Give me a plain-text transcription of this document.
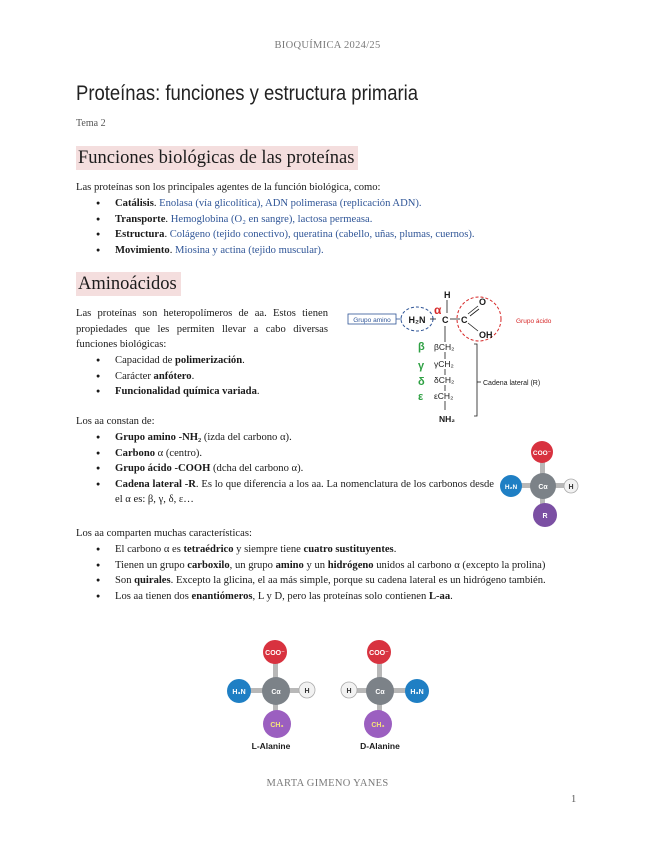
BIOQUÍMICA 2024/25
Proteínas: funciones y estructura primaria
Tema 2
Funciones biológicas de las proteínas
Las proteínas son los principales agentes de la función biológica, como:
● Catálisis. Enolasa (vía glicolítica), ADN polimerasa (replicación ADN).
● Transporte. Hemoglobina (O₂ en sangre), lactosa permeasa.
● Estructura. Colágeno (tejido conectivo), queratina (cabello, uñas, plumas, cuernos).
● Movimiento. Miosina y actina (tejido muscular).
Aminoácidos
Las proteínas son heteropolímeros de aa. Estos tienen propiedades que les permiten llevar a cabo diversas funciones biológicas:
● Capacidad de polimerización.
● Carácter anfótero.
● Funcionalidad química variada.
Grupo amino H₂N
α
H
C C
O
OH
Grupo ácido
β
γ
δ
ε
βCH₂
γCH₂
δCH₂
εCH₂
NH₂
Cadena lateral (R)
Los aa constan de:
● Grupo amino -NH₂ (izda del carbono α).
● Carbono α (centro).
● Grupo ácido -COOH (dcha del carbono α).
● Cadena lateral -R. Es lo que diferencia a los aa. La nomenclatura de los carbonos desde el α es: β, γ, δ, ε…
COO⁻
H₂N	Cα	H
R
Los aa comparten muchas características:
● El carbono α es tetraédrico y siempre tiene cuatro sustituyentes.
● Tienen un grupo carboxilo, un grupo amino y un hidrógeno unidos al carbono α (excepto la prolina)
● Son quirales. Excepto la glicina, el aa más simple, porque su cadena lateral es un hidrógeno también.
● Los aa tienen dos enantiómeros, L y D, pero las proteínas solo contienen L-aa.
COO⁻
H₃N	Cα	H
CH₃
L-Alanine
COO⁻
H	Cα	H₃N
CH₃
D-Alanine
MARTA GIMENO YANES
1
